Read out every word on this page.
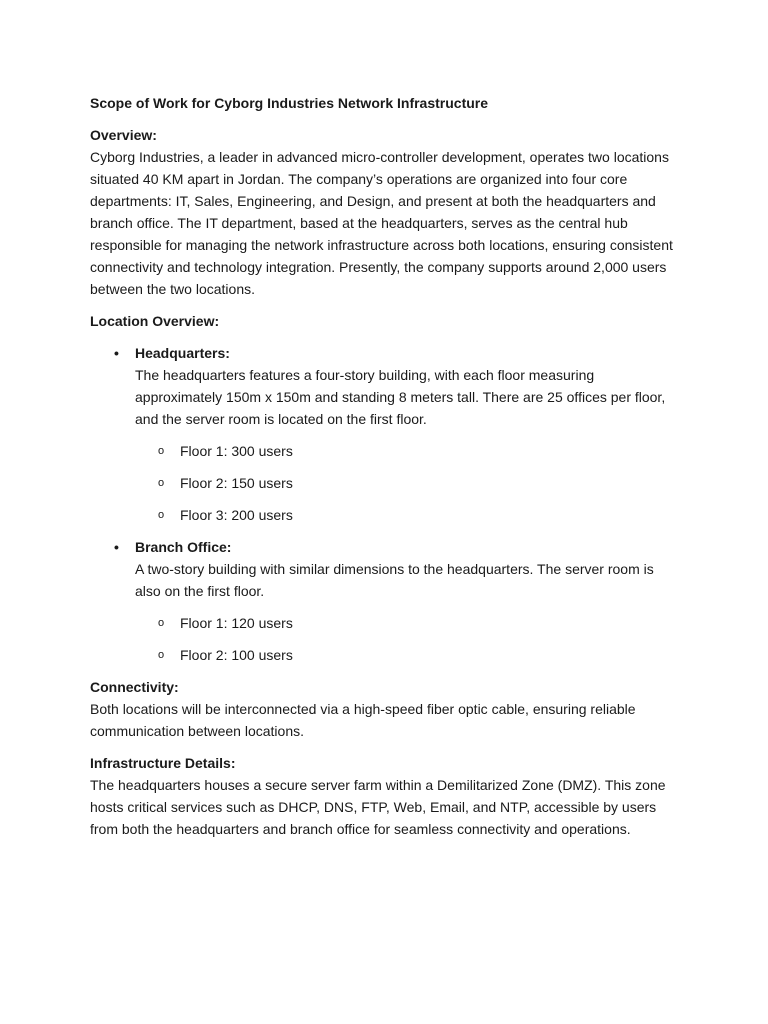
Scope of Work for Cyborg Industries Network Infrastructure

Overview:

Cyborg Industries, a leader in advanced micro-controller development, operates two locations situated 40 KM apart in Jordan. The company’s operations are organized into four core departments: IT, Sales, Engineering, and Design, and present at both the headquarters and branch office. The IT department, based at the headquarters, serves as the central hub responsible for managing the network infrastructure across both locations, ensuring consistent connectivity and technology integration. Presently, the company supports around 2,000 users between the two locations.

Location Overview:
• Headquarters:
The headquarters features a four-story building, with each floor measuring approximately 150m x 150m and standing 8 meters tall. There are 25 offices per floor, and the server room is located on the first floor.
o Floor 1: 300 users
o Floor 2: 150 users
o Floor 3: 200 users
• Branch Office:
A two-story building with similar dimensions to the headquarters. The server room is also on the first floor.
o Floor 1: 120 users
o Floor 2: 100 users
Connectivity:

Both locations will be interconnected via a high-speed fiber optic cable, ensuring reliable communication between locations.

Infrastructure Details:

The headquarters houses a secure server farm within a Demilitarized Zone (DMZ). This zone hosts critical services such as DHCP, DNS, FTP, Web, Email, and NTP, accessible by users from both the headquarters and branch office for seamless connectivity and operations.
